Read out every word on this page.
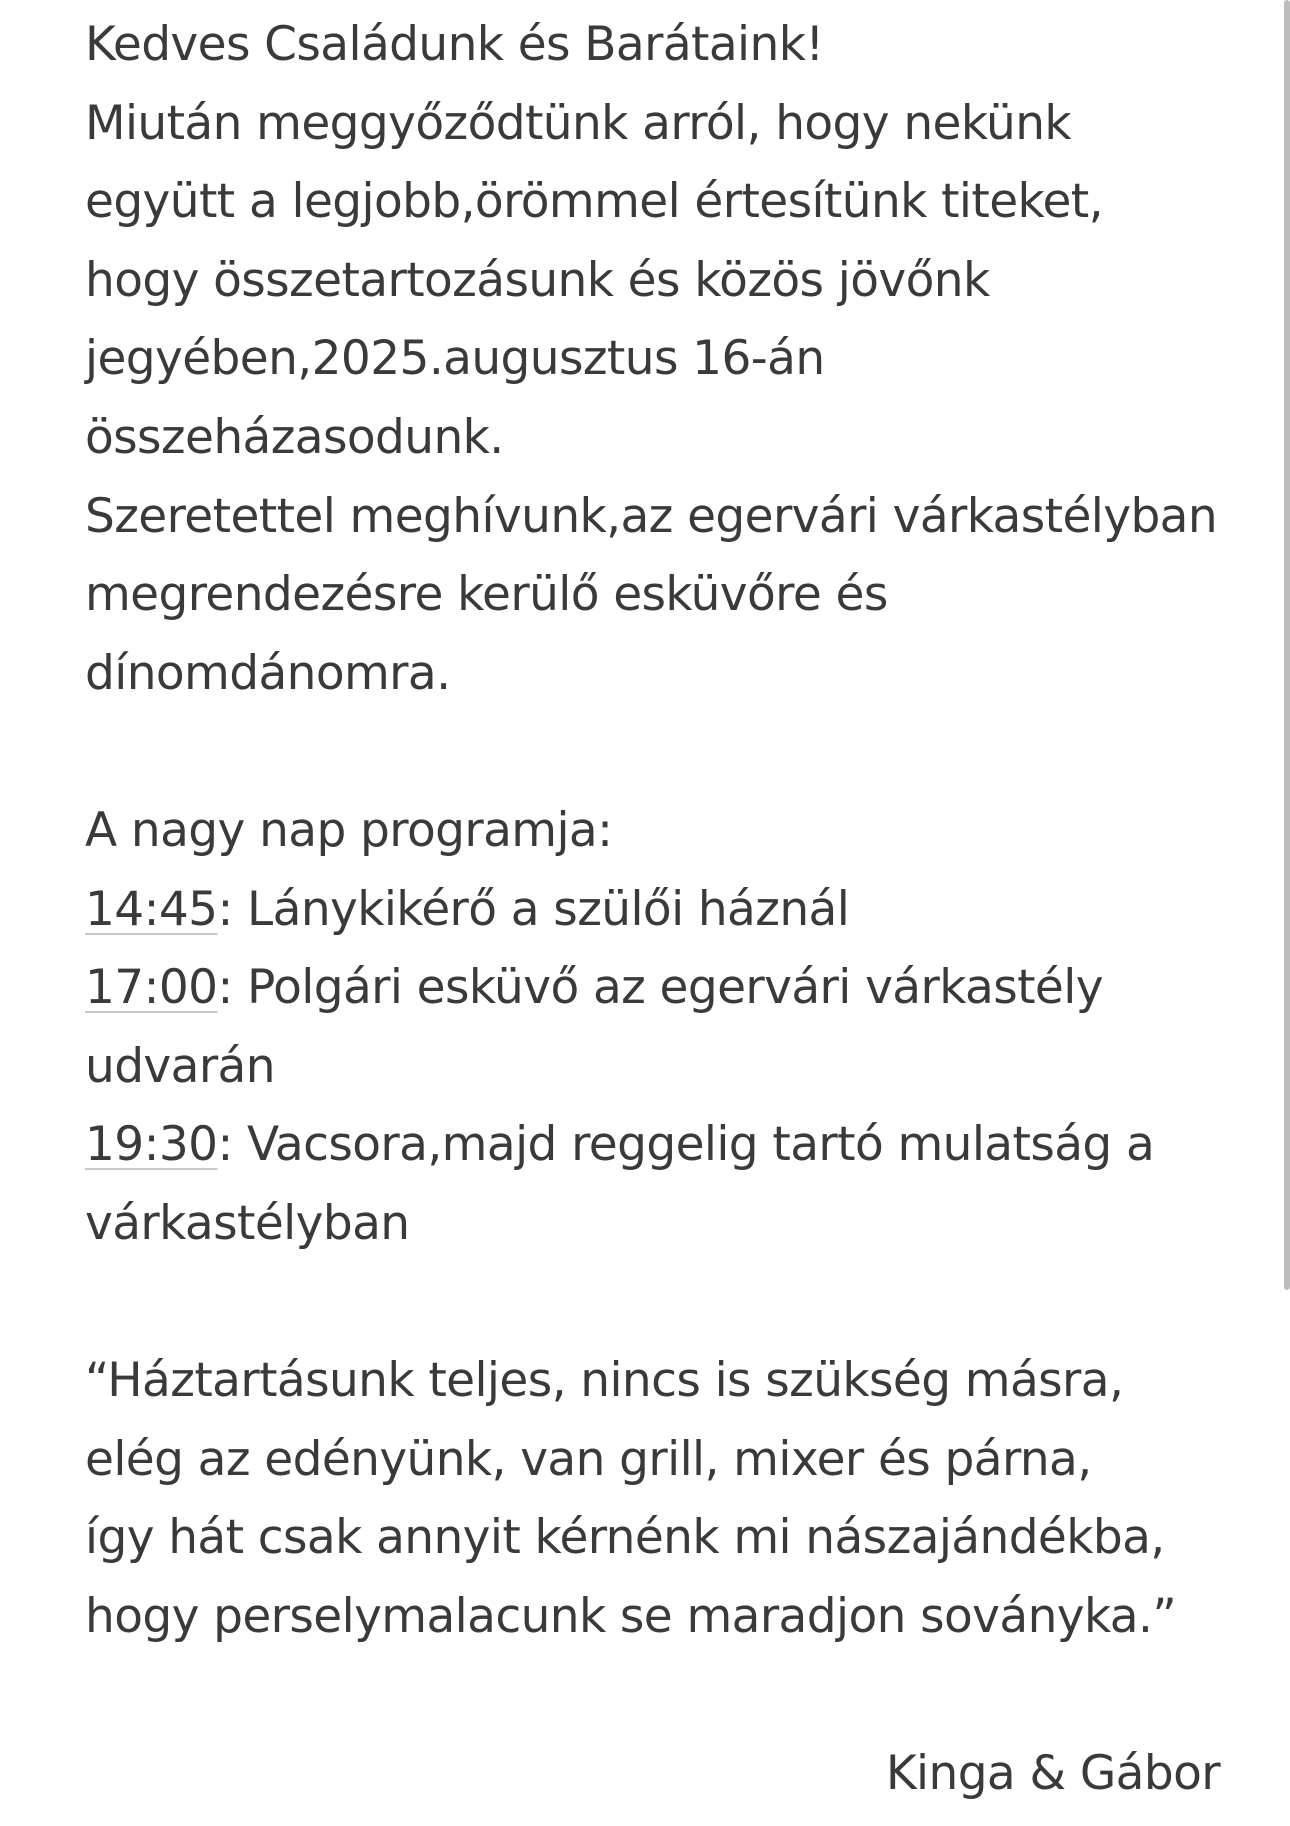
Kedves Családunk és Barátaink!
Miután meggyőződtünk arról, hogy nekünk
együtt a legjobb,örömmel értesítünk titeket,
hogy összetartozásunk és közös jövőnk
jegyében,2025.augusztus 16-án
összeházasodunk.
Szeretettel meghívunk,az egervári várkastélyban
megrendezésre kerülő esküvőre és
dínomdánomra.
A nagy nap programja:
14:45: Lánykikérő a szülői háznál
17:00: Polgári esküvő az egervári várkastély
udvarán
19:30: Vacsora,majd reggelig tartó mulatság a
várkastélyban
“Háztartásunk teljes, nincs is szükség másra,
elég az edényünk, van grill, mixer és párna,
így hát csak annyit kérnénk mi nászajándékba,
hogy perselymalacunk se maradjon soványka.”
Kinga & Gábor
